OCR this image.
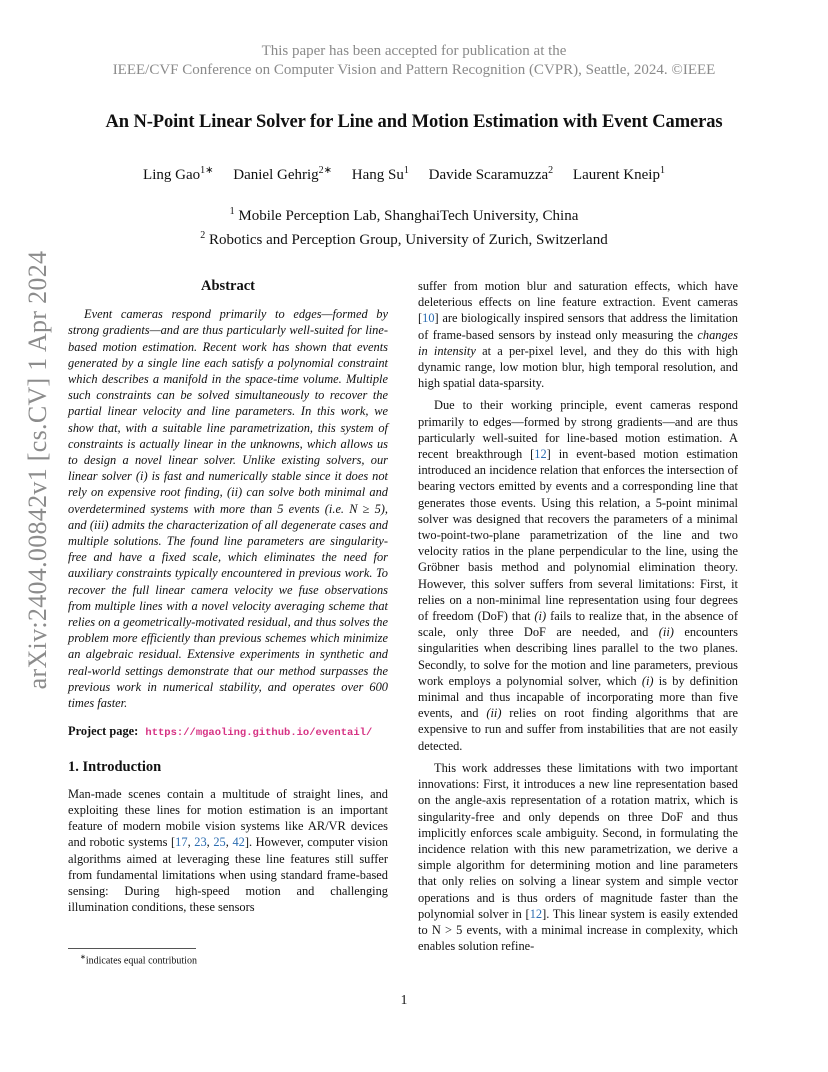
This paper has been accepted for publication at the
IEEE/CVF Conference on Computer Vision and Pattern Recognition (CVPR), Seattle, 2024. ©IEEE
An N-Point Linear Solver for Line and Motion Estimation with Event Cameras
Ling Gao$^{1∗}$ Daniel Gehrig$^{2∗}$ Hang Su$^1$ Davide Scaramuzza$^2$ Laurent Kneip$^1$
$^1$ Mobile Perception Lab, ShanghaiTech University, China
$^2$ Robotics and Perception Group, University of Zurich, Switzerland
arXiv:2404.00842v1 [cs.CV] 1 Apr 2024	Abstract

Event cameras respond primarily to edges—formed by strong gradients—and are thus particularly well-suited for line-based motion estimation. Recent work has shown that events generated by a single line each satisfy a polynomial constraint which describes a manifold in the space-time volume. Multiple such constraints can be solved simultaneously to recover the partial linear velocity and line parameters. In this work, we show that, with a suitable line parametrization, this system of constraints is actually linear in the unknowns, which allows us to design a novel linear solver. Unlike existing solvers, our linear solver (i) is fast and numerically stable since it does not rely on expensive root finding, (ii) can solve both minimal and overdetermined systems with more than 5 events (i.e. N ≥ 5), and (iii) admits the characterization of all degenerate cases and multiple solutions. The found line parameters are singularity-free and have a fixed scale, which eliminates the need for auxiliary constraints typically encountered in previous work. To recover the full linear camera velocity we fuse observations from multiple lines with a novel velocity averaging scheme that relies on a geometrically-motivated residual, and thus solves the problem more efficiently than previous schemes which minimize an algebraic residual. Extensive experiments in synthetic and real-world settings demonstrate that our method surpasses the previous work in numerical stability, and operates over 600 times faster.

Project page: https://mgaoling.github.io/eventail/
1. Introduction

Man-made scenes contain a multitude of straight lines, and exploiting these lines for motion estimation is an important feature of modern mobile vision systems like AR/VR devices and robotic systems [17, 23, 25, 42]. However, computer vision algorithms aimed at leveraging these line features still suffer from fundamental limitations when using standard frame-based sensing: During high-speed motion and challenging illumination conditions, these sensors

suffer from motion blur and saturation effects, which have deleterious effects on line feature extraction. Event cameras [10] are biologically inspired sensors that address the limitation of frame-based sensors by instead only measuring the changes in intensity at a per-pixel level, and they do this with high dynamic range, low motion blur, high temporal resolution, and high spatial data-sparsity.

Due to their working principle, event cameras respond primarily to edges—formed by strong gradients—and are thus particularly well-suited for line-based motion estimation. A recent breakthrough [12] in event-based motion estimation introduced an incidence relation that enforces the intersection of bearing vectors emitted by events and a corresponding line that generates those events. Using this relation, a 5-point minimal solver was designed that recovers the parameters of a minimal two-point-two-plane parametrization of the line and two velocity ratios in the plane perpendicular to the line, using the Gröbner basis method and polynomial elimination theory. However, this solver suffers from several limitations: First, it relies on a non-minimal line representation using four degrees of freedom (DoF) that (i) fails to realize that, in the absence of scale, only three DoF are needed, and (ii) encounters singularities when describing lines parallel to the two planes. Secondly, to solve for the motion and line parameters, previous work employs a polynomial solver, which (i) is by definition minimal and thus incapable of incorporating more than five events, and (ii) relies on root finding algorithms that are expensive to run and suffer from instabilities that are not easily detected.

This work addresses these limitations with two important innovations: First, it introduces a new line representation based on the angle-axis representation of a rotation matrix, which is singularity-free and only depends on three DoF and thus implicitly enforces scale ambiguity. Second, in formulating the incidence relation with this new parametrization, we derive a simple algorithm for determining motion and line parameters that only relies on solving a linear system and simple vector operations and is thus orders of magnitude faster than the polynomial solver in [12]. This linear system is easily extended to N > 5 events, with a minimal increase in complexity, which enables solution refine-

∗indicates equal contribution
1
